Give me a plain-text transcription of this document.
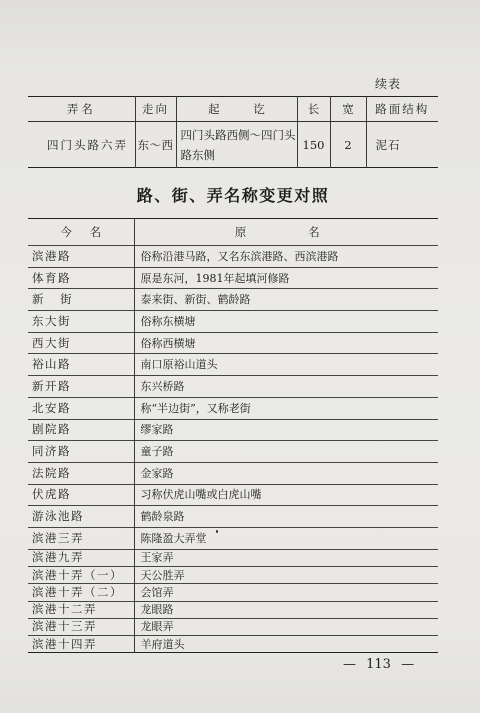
续表
弄名	走向	起 讫	长	宽	路面结构
四门头路六弄	东～西	四门头路西侧～四门头路东侧	150	2	泥石
路、街、弄名称变更对照
今 名	原 名
滨港路	俗称沿港马路，又名东滨港路、西滨港路
体育路	原是东河，1981年起填河修路
新 街	泰来街、新街、鹤龄路
东大街	俗称东横塘
西大街	俗称西横塘
裕山路	南口原裕山道头
新开路	东兴桥路
北安路	称“半边街”，又称老街
剧院路	缪家路
同济路	童子路
法院路	金家路
伏虎路	习称伏虎山嘴或白虎山嘴
游泳池路	鹤龄泉路
滨港三弄	陈隆盈大弄堂
滨港九弄	王家弄
滨港十弄（一）	天公胜弄
滨港十弄（二）	会馆弄
滨港十二弄	龙眼路
滨港十三弄	龙眼弄
滨港十四弄	羊府道头
— 113 —
